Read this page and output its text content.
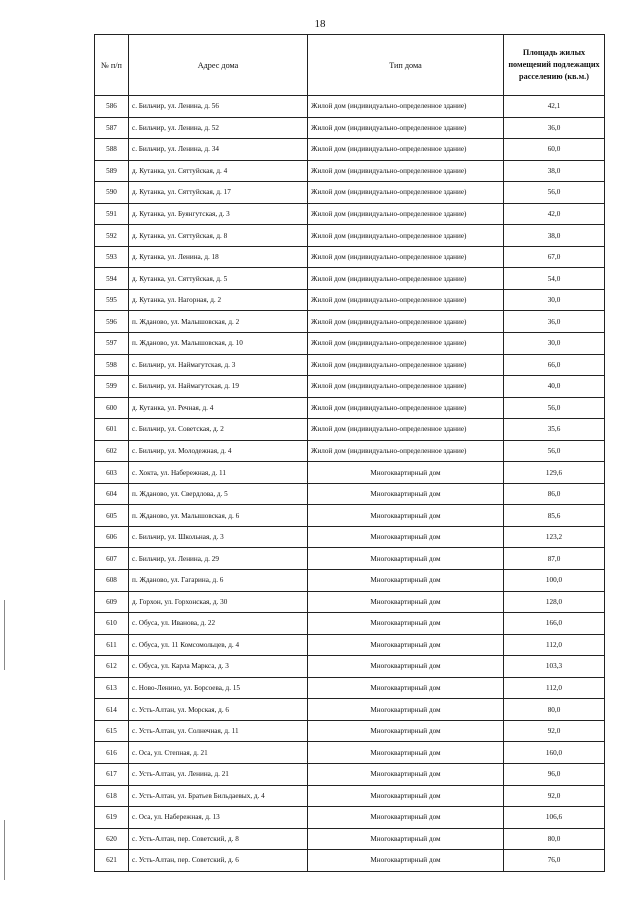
18
№ п/п	Адрес дома	Тип дома	Площадь жилых помещений подлежащих расселению (кв.м.)
586	с. Бильчир, ул. Ленина, д. 56	Жилой дом (индивидуально-определенное здание)	42,1
587	с. Бильчир, ул. Ленина, д. 52	Жилой дом (индивидуально-определенное здание)	36,0
588	с. Бильчир, ул. Ленина, д. 34	Жилой дом (индивидуально-определенное здание)	60,0
589	д. Кутанка, ул. Сяттуйская, д. 4	Жилой дом (индивидуально-определенное здание)	38,0
590	д. Кутанка, ул. Сяттуйская, д. 17	Жилой дом (индивидуально-определенное здание)	56,0
591	д. Кутанка, ул. Буянгутская, д. 3	Жилой дом (индивидуально-определенное здание)	42,0
592	д. Кутанка, ул. Сяттуйская, д. 8	Жилой дом (индивидуально-определенное здание)	38,0
593	д. Кутанка, ул. Ленина, д. 18	Жилой дом (индивидуально-определенное здание)	67,0
594	д. Кутанка, ул. Сяттуйская, д. 5	Жилой дом (индивидуально-определенное здание)	54,0
595	д. Кутанка, ул. Нагорная, д. 2	Жилой дом (индивидуально-определенное здание)	30,0
596	п. Жданово, ул. Малышовская, д. 2	Жилой дом (индивидуально-определенное здание)	36,0
597	п. Жданово, ул. Малышовская, д. 10	Жилой дом (индивидуально-определенное здание)	30,0
598	с. Бильчир, ул. Наймагутская, д. 3	Жилой дом (индивидуально-определенное здание)	66,0
599	с. Бильчир, ул. Наймагутская, д. 19	Жилой дом (индивидуально-определенное здание)	40,0
600	д. Кутанка, ул. Речная, д. 4	Жилой дом (индивидуально-определенное здание)	56,0
601	с. Бильчир, ул. Советская, д. 2	Жилой дом (индивидуально-определенное здание)	35,6
602	с. Бильчир, ул. Молодежная, д. 4	Жилой дом (индивидуально-определенное здание)	56,0
603	с. Хокта, ул. Набережная, д. 11	Многоквартирный дом	129,6
604	п. Жданово, ул. Свердлова, д. 5	Многоквартирный дом	86,0
605	п. Жданово, ул. Малышовская, д. 6	Многоквартирный дом	85,6
606	с. Бильчир, ул. Школьная, д. 3	Многоквартирный дом	123,2
607	с. Бильчир, ул. Ленина, д. 29	Многоквартирный дом	87,0
608	п. Жданово, ул. Гагарина, д. 6	Многоквартирный дом	100,0
609	д. Горхон, ул. Горхонская, д. 30	Многоквартирный дом	128,0
610	с. Обуса, ул. Иванова, д. 22	Многоквартирный дом	166,0
611	с. Обуса, ул. 11 Комсомольцев, д. 4	Многоквартирный дом	112,0
612	с. Обуса, ул. Карла Маркса, д. 3	Многоквартирный дом	103,3
613	с. Ново-Ленино, ул. Борсоева, д. 15	Многоквартирный дом	112,0
614	с. Усть-Алтан, ул. Морская, д. 6	Многоквартирный дом	80,0
615	с. Усть-Алтан, ул. Солнечная, д. 11	Многоквартирный дом	92,0
616	с. Оса, ул. Степная, д. 21	Многоквартирный дом	160,0
617	с. Усть-Алтан, ул. Ленина, д. 21	Многоквартирный дом	96,0
618	с. Усть-Алтан, ул. Братьев Бильдаевых, д. 4	Многоквартирный дом	92,0
619	с. Оса, ул. Набережная, д. 13	Многоквартирный дом	106,6
620	с. Усть-Алтан, пер. Советский, д. 8	Многоквартирный дом	80,0
621	с. Усть-Алтан, пер. Советский, д. 6	Многоквартирный дом	76,0
